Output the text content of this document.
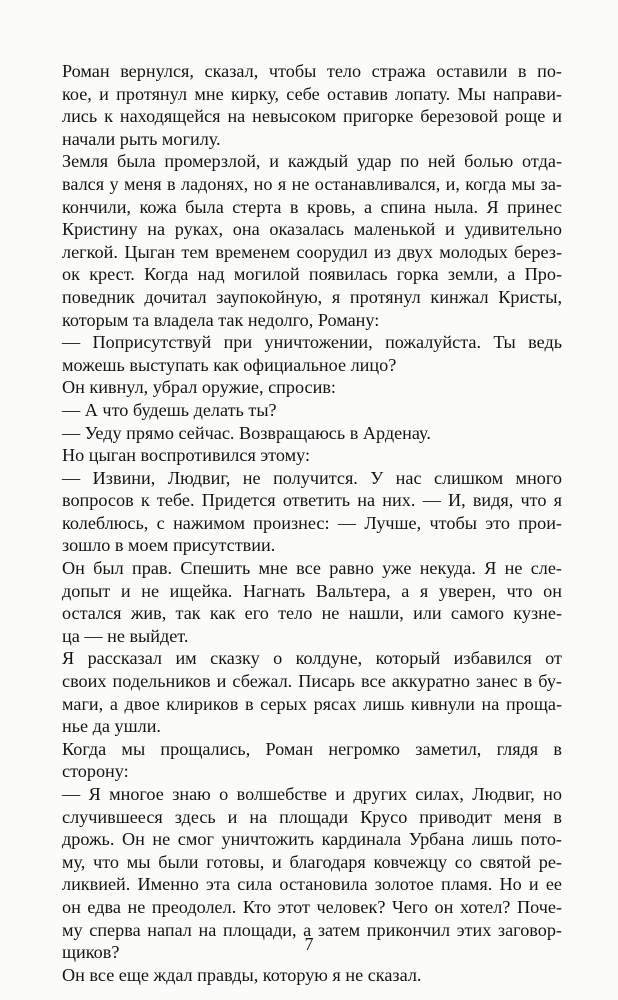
Роман вернулся, сказал, чтобы тело стража оставили в по-
кое, и протянул мне кирку, себе оставив лопату. Мы направи-
лись к находящейся на невысоком пригорке березовой роще и
начали рыть могилу.

Земля была промерзлой, и каждый удар по ней болью отда-
вался у меня в ладонях, но я не останавливался, и, когда мы за-
кончили, кожа была стерта в кровь, а спина ныла. Я принес
Кристину на руках, она оказалась маленькой и удивительно
легкой. Цыган тем временем соорудил из двух молодых берез-
ок крест. Когда над могилой появилась горка земли, а Про-
поведник дочитал заупокойную, я протянул кинжал Кристы,
которым та владела так недолго, Роману:

— Поприсутствуй при уничтожении, пожалуйста. Ты ведь
можешь выступать как официальное лицо?

Он кивнул, убрал оружие, спросив:

— А что будешь делать ты?

— Уеду прямо сейчас. Возвращаюсь в Арденау.

Но цыган воспротивился этому:

— Извини, Людвиг, не получится. У нас слишком много
вопросов к тебе. Придется ответить на них. — И, видя, что я
колеблюсь, с нажимом произнес: — Лучше, чтобы это прои-
зошло в моем присутствии.

Он был прав. Спешить мне все равно уже некуда. Я не сле-
допыт и не ищейка. Нагнать Вальтера, а я уверен, что он
остался жив, так как его тело не нашли, или самого кузне-
ца — не выйдет.

Я рассказал им сказку о колдуне, который избавился от
своих подельников и сбежал. Писарь все аккуратно занес в бу-
маги, а двое клириков в серых рясах лишь кивнули на проща-
нье да ушли.

Когда мы прощались, Роман негромко заметил, глядя в
сторону:

— Я многое знаю о волшебстве и других силах, Людвиг, но
случившееся здесь и на площади Крусо приводит меня в
дрожь. Он не смог уничтожить кардинала Урбана лишь пото-
му, что мы были готовы, и благодаря ковчежцу со святой ре-
ликвией. Именно эта сила остановила золотое пламя. Но и ее
он едва не преодолел. Кто этот человек? Чего он хотел? Поче-
му сперва напал на площади, а затем прикончил этих заговор-
щиков?

Он все еще ждал правды, которую я не сказал.

7
